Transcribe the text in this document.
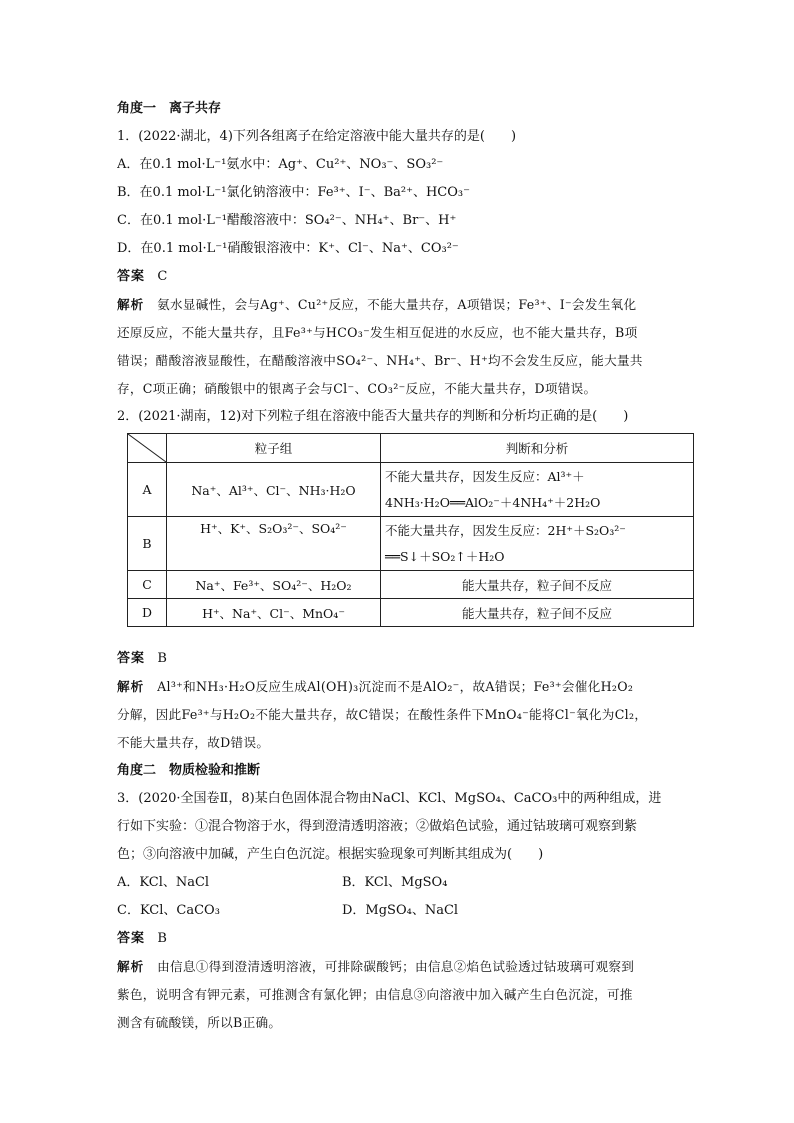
角度一　离子共存
1．(2022·湖北，4)下列各组离子在给定溶液中能大量共存的是(　　)
A．在0.1 mol·L⁻¹氨水中：Ag⁺、Cu²⁺、NO₃⁻、SO₃²⁻
B．在0.1 mol·L⁻¹氯化钠溶液中：Fe³⁺、I⁻、Ba²⁺、HCO₃⁻
C．在0.1 mol·L⁻¹醋酸溶液中：SO₄²⁻、NH₄⁺、Br⁻、H⁺
D．在0.1 mol·L⁻¹硝酸银溶液中：K⁺、Cl⁻、Na⁺、CO₃²⁻
答案 C
解析 氨水显碱性，会与Ag⁺、Cu²⁺反应，不能大量共存，A项错误；Fe³⁺、I⁻会发生氧化
还原反应，不能大量共存，且Fe³⁺与HCO₃⁻发生相互促进的水反应，也不能大量共存，B项
错误；醋酸溶液显酸性，在醋酸溶液中SO₄²⁻、NH₄⁺、Br⁻、H⁺均不会发生反应，能大量共
存，C项正确；硝酸银中的银离子会与Cl⁻、CO₃²⁻反应，不能大量共存，D项错误。
2．(2021·湖南，12)对下列粒子组在溶液中能否大量共存的判断和分析均正确的是(　　)
	粒子组	判断和分析
A	Na⁺、Al³⁺、Cl⁻、NH₃·H₂O	不能大量共存，因发生反应：Al³⁺＋
4NH₃·H₂O══AlO₂⁻＋4NH₄⁺＋2H₂O

B	H⁺、K⁺、S₂O₃²⁻、SO₄²⁻	不能大量共存，因发生反应：2H⁺＋S₂O₃²⁻
══S↓＋SO₂↑＋H₂O

C	Na⁺、Fe³⁺、SO₄²⁻、H₂O₂	能大量共存，粒子间不反应
D	H⁺、Na⁺、Cl⁻、MnO₄⁻	能大量共存，粒子间不反应
答案 B
解析 Al³⁺和NH₃·H₂O反应生成Al(OH)₃沉淀而不是AlO₂⁻，故A错误；Fe³⁺会催化H₂O₂
分解，因此Fe³⁺与H₂O₂不能大量共存，故C错误；在酸性条件下MnO₄⁻能将Cl⁻氧化为Cl₂，
不能大量共存，故D错误。
角度二　物质检验和推断
3．(2020·全国卷Ⅱ，8)某白色固体混合物由NaCl、KCl、MgSO₄、CaCO₃中的两种组成，进
行如下实验：①混合物溶于水，得到澄清透明溶液；②做焰色试验，通过钴玻璃可观察到紫
色；③向溶液中加碱，产生白色沉淀。根据实验现象可判断其组成为(　　)
A．KCl、NaCl	B．KCl、MgSO₄
C．KCl、CaCO₃	D．MgSO₄、NaCl
答案 B
解析 由信息①得到澄清透明溶液，可排除碳酸钙；由信息②焰色试验透过钴玻璃可观察到
紫色，说明含有钾元素，可推测含有氯化钾；由信息③向溶液中加入碱产生白色沉淀，可推
测含有硫酸镁，所以B正确。
